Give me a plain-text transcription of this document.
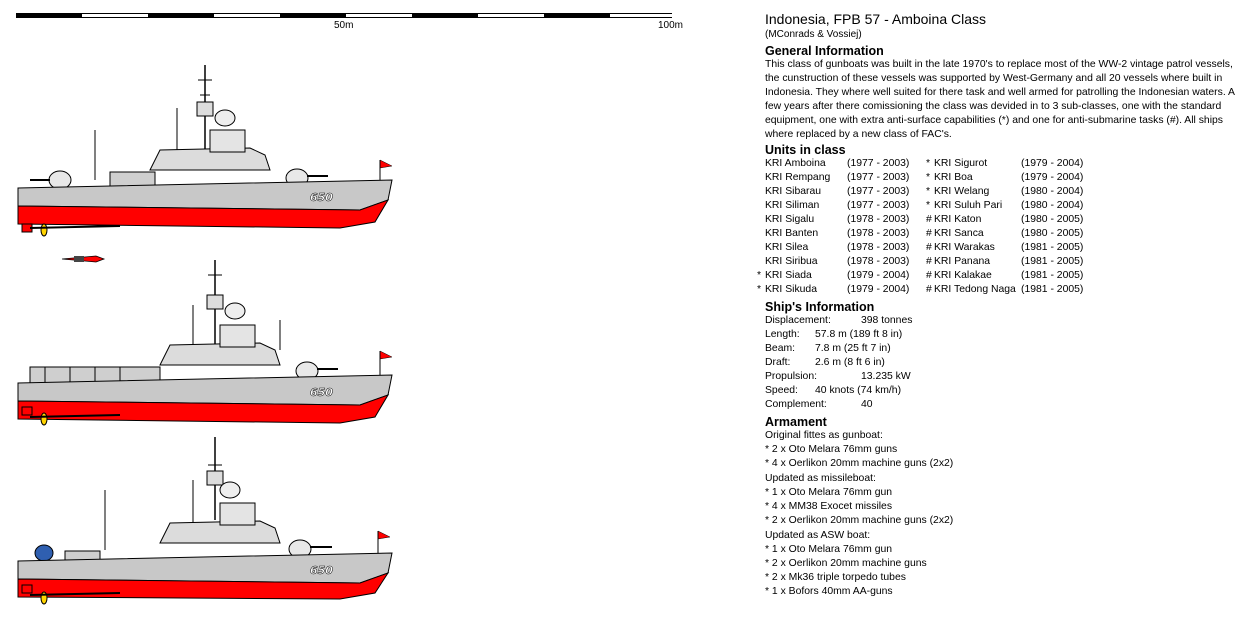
50m	100m
650
650
650
Indonesia, FPB 57 - Amboina Class
(MConrads & Vossiej)
General Information

This class of gunboats was built in the late 1970's to replace most of the WW-2 vintage patrol vessels, the cunstruction of these vessels was supported by West-Germany and all 20 vessels where built in Indonesia. They where well suited for there task and well armed for patrolling the Indonesian waters. A few years after there comissioning the class was devided in to 3 sub-classes, one with the standard equipment, one with extra anti-surface capabilities (*) and one for anti-submarine tasks (#). All ships where replaced by a new class of FAC's.

Units in class
KRI Amboina	(1977 - 2003)	* KRI Sigurot	(1979 - 2004)
KRI Rempang	(1977 - 2003)	* KRI Boa	(1979 - 2004)
KRI Sibarau	(1977 - 2003)	* KRI Welang	(1980 - 2004)
KRI Siliman	(1977 - 2003)	* KRI Suluh Pari	(1980 - 2004)
KRI Sigalu	(1978 - 2003)	# KRI Katon	(1980 - 2005)
KRI Banten	(1978 - 2003)	# KRI Sanca	(1980 - 2005)
KRI Silea	(1978 - 2003)	# KRI Warakas	(1981 - 2005)
KRI Siribua	(1978 - 2003)	# KRI Panana	(1981 - 2005)
* KRI Siada	(1979 - 2004)	# KRI Kalakae	(1981 - 2005)
* KRI Sikuda	(1979 - 2004)	# KRI Tedong Naga (1981 - 2005)
Ship's Information
Displacement:	398 tonnes
Length:	57.8 m (189 ft 8 in)
Beam:	7.8 m (25 ft 7 in)
Draft:	2.6 m (8 ft 6 in)
Propulsion:	13.235 kW
Speed:	40 knots (74 km/h)
Complement:	40
Armament

Original fittes as gunboat:

* 2 x Oto Melara 76mm guns

* 4 x Oerlikon 20mm machine guns (2x2)

Updated as missileboat:

* 1 x Oto Melara 76mm gun

* 4 x MM38 Exocet missiles

* 2 x Oerlikon 20mm machine guns (2x2)

Updated as ASW boat:

* 1 x Oto Melara 76mm gun

* 2 x Oerlikon 20mm machine guns

* 2 x Mk36 triple torpedo tubes

* 1 x Bofors 40mm AA-guns
